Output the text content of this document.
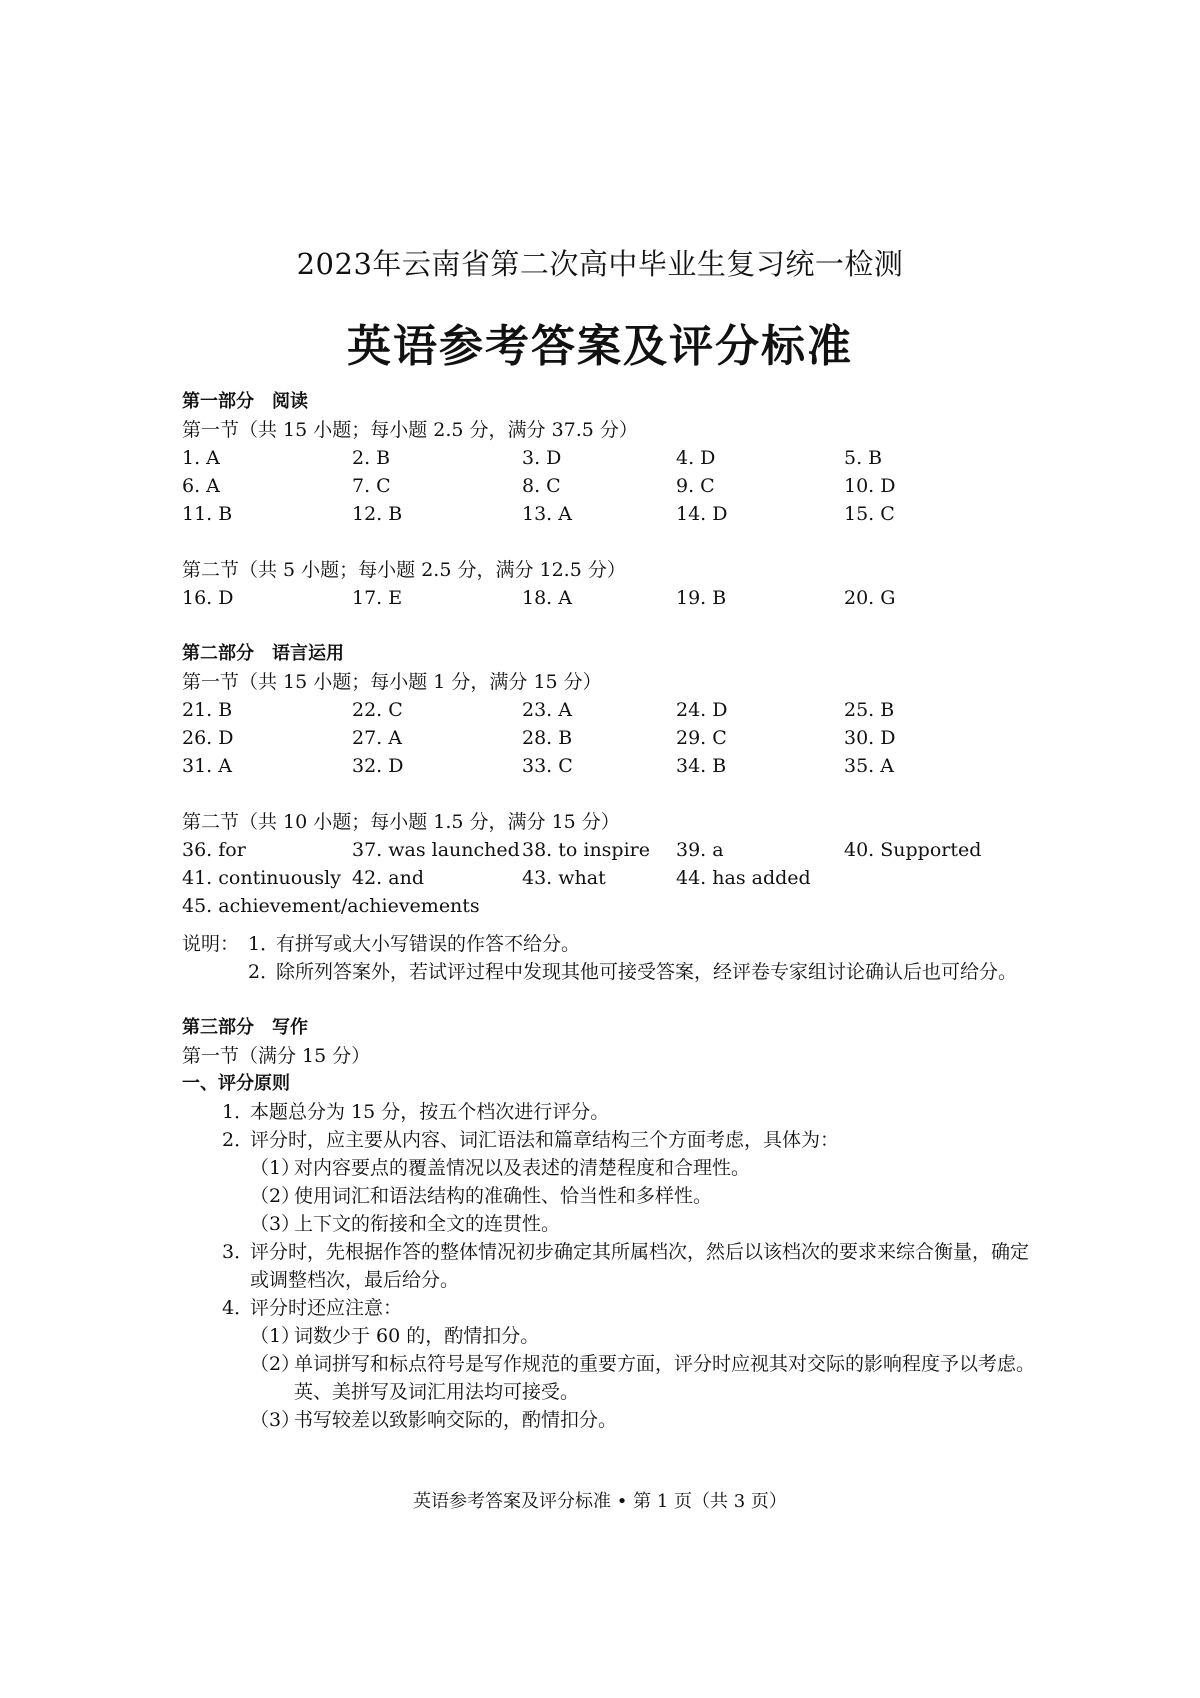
2023年云南省第二次高中毕业生复习统一检测
英语参考答案及评分标准
第一部分　阅读
第一节（共 15 小题；每小题 2.5 分，满分 37.5 分）
1. A	2. B	3. D	4. D	5. B
6. A	7. C	8. C	9. C	10. D
11. B	12. B	13. A	14. D	15. C
第二节（共 5 小题；每小题 2.5 分，满分 12.5 分）
16. D	17. E	18. A	19. B	20. G
第二部分　语言运用
第一节（共 15 小题；每小题 1 分，满分 15 分）
21. B	22. C	23. A	24. D	25. B
26. D	27. A	28. B	29. C	30. D
31. A	32. D	33. C	34. B	35. A
第二节（共 10 小题；每小题 1.5 分，满分 15 分）
36. for	37. was launched 38. to inspire	39. a	40. Supported
41. continuously 42. and	43. what	44. has added
45. achievement/achievements
说明： 1．
有拼写或大小写错误的作答不给分。
2．
除所列答案外，若试评过程中发现其他可接受答案，经评卷专家组讨论确认后也可给分。
第三部分　写作
第一节（满分 15 分）
一、评分原则
1．
本题总分为 15 分，按五个档次进行评分。
2．
评分时，应主要从内容、词汇语法和篇章结构三个方面考虑，具体为：
（1）
对内容要点的覆盖情况以及表述的清楚程度和合理性。
（2）
使用词汇和语法结构的准确性、恰当性和多样性。
（3）
上下文的衔接和全文的连贯性。
3．
评分时，先根据作答的整体情况初步确定其所属档次，然后以该档次的要求来综合衡量，确定或调整档次，最后给分。
4．
评分时还应注意：
（1）
词数少于 60 的，酌情扣分。
（2）
单词拼写和标点符号是写作规范的重要方面，评分时应视其对交际的影响程度予以考虑。英、美拼写及词汇用法均可接受。
（3）
书写较差以致影响交际的，酌情扣分。
英语参考答案及评分标准 • 第 1 页（共 3 页）
